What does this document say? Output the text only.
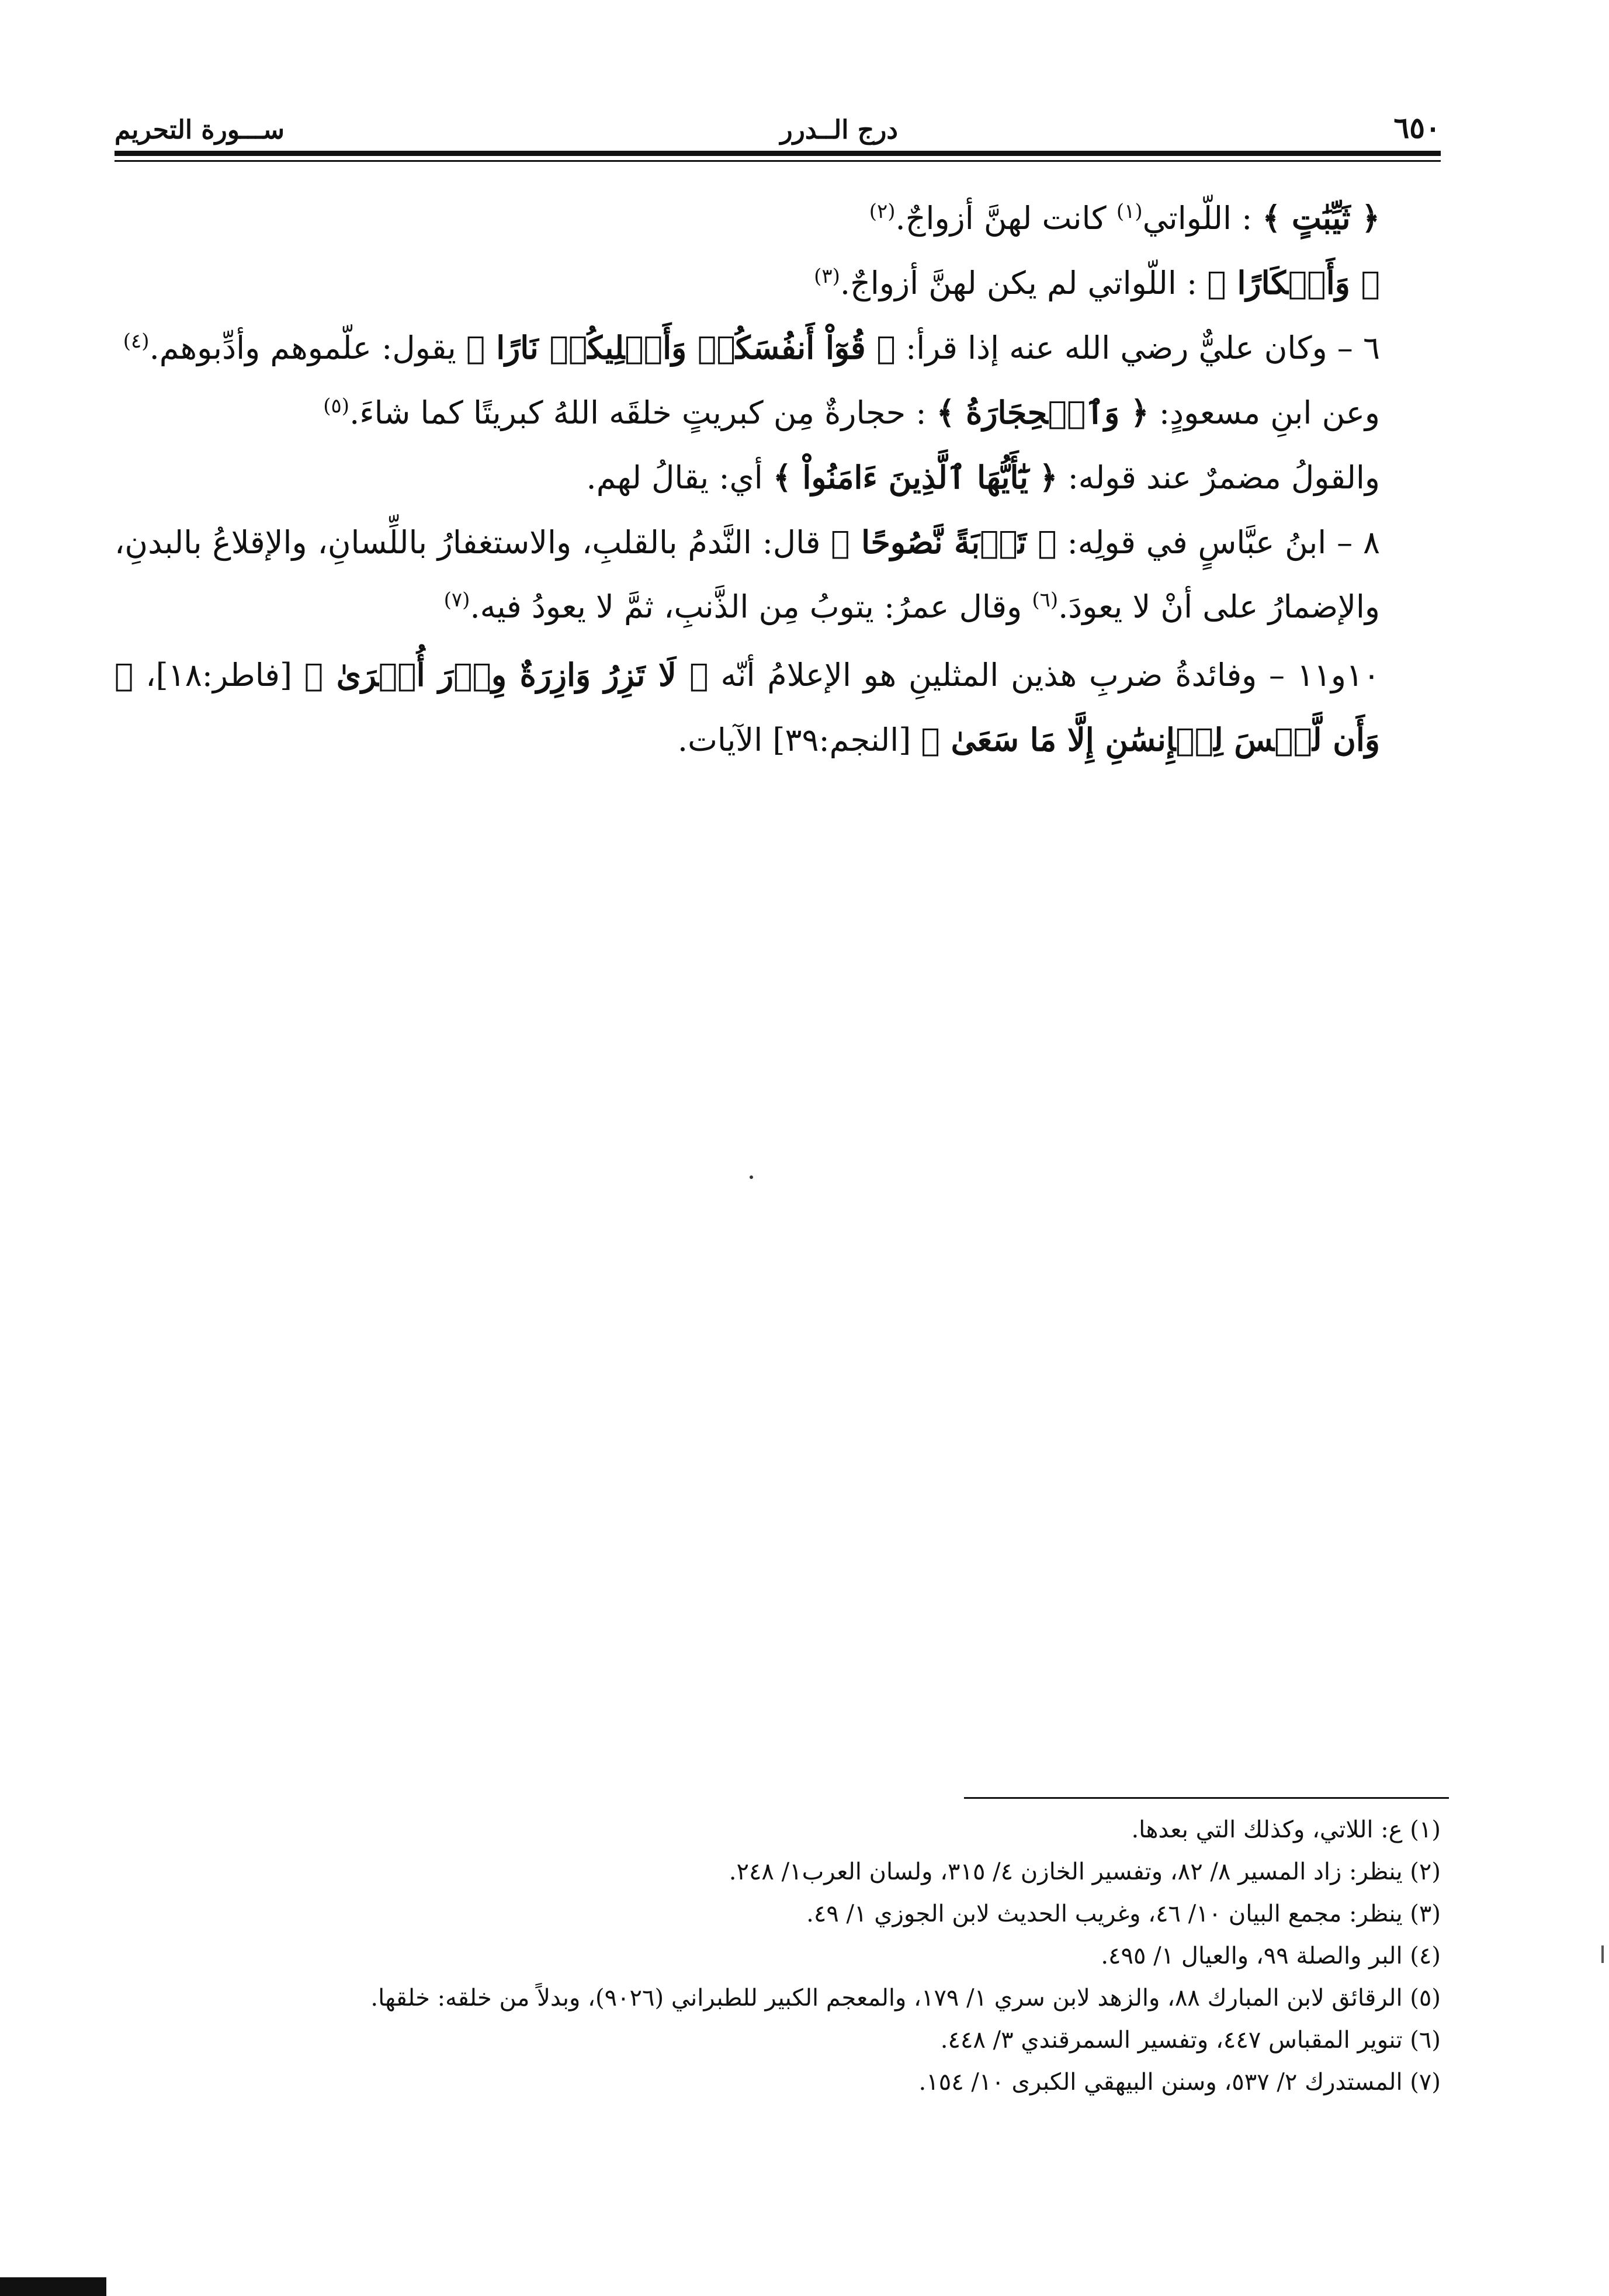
ســـورة التحريم	درج الــدرر	٦٥٠

﴿ ثَيِّبَٰتٍ ﴾ : اللّواتي$^{(١)}$ كانت لهنَّ أزواجٌ.$^{(٢)}$

﴿ وَأَبۡكَارًا ﴾ : اللّواتي لم يكن لهنَّ أزواجٌ.$^{(٣)}$

٦ – وكان عليٌّ رضي الله عنه إذا قرأ: ﴿ قُوٓاْ أَنفُسَكُمۡ وَأَهۡلِيكُمۡ نَارًا ﴾ يقول: علّموهم وأدِّبوهم.$^{(٤)}$

وعن ابنِ مسعودٍ: ﴿ وَٱلۡحِجَارَةُ ﴾ : حجارةٌ مِن كبريتٍ خلقَه اللهُ كبريتًا كما شاءَ.$^{(٥)}$

والقولُ مضمرٌ عند قوله: ﴿ يَٰٓأَيُّهَا ٱلَّذِينَ ءَامَنُواْ ﴾ أي: يقالُ لهم.

٨ – ابنُ عبَّاسٍ في قولِه: ﴿ تَوۡبَةً نَّصُوحًا ﴾ قال: النَّدمُ بالقلبِ، والاستغفارُ باللِّسانِ، والإقلاعُ بالبدنِ، والإضمارُ على أنْ لا يعودَ.$^{(٦)}$ وقال عمرُ: يتوبُ مِن الذَّنبِ، ثمَّ لا يعودُ فيه.$^{(٧)}$

١٠و١١ – وفائدةُ ضربِ هذين المثلينِ هو الإعلامُ أنّه ﴿ لَا تَزِرُ وَازِرَةٌ وِزۡرَ أُخۡرَىٰ ﴾ [فاطر:١٨]، ﴿ وَأَن لَّيۡسَ لِلۡإِنسَٰنِ إِلَّا مَا سَعَىٰ ﴾ [النجم:٣٩] الآيات.

(١) ع: اللاتي، وكذلك التي بعدها.
(٢) ينظر: زاد المسير ٨/ ٨٢، وتفسير الخازن ٤/ ٣١٥، ولسان العرب١/ ٢٤٨.
(٣) ينظر: مجمع البيان ١٠/ ٤٦، وغريب الحديث لابن الجوزي ١/ ٤٩.
(٤) البر والصلة ٩٩، والعيال ١/ ٤٩٥.
(٥) الرقائق لابن المبارك ٨٨، والزهد لابن سري ١/ ١٧٩، والمعجم الكبير للطبراني (٩٠٢٦)، وبدلاً من خلقه: خلقها.
(٦) تنوير المقباس ٤٤٧، وتفسير السمرقندي ٣/ ٤٤٨.
(٧) المستدرك ٢/ ٥٣٧، وسنن البيهقي الكبرى ١٠/ ١٥٤.
